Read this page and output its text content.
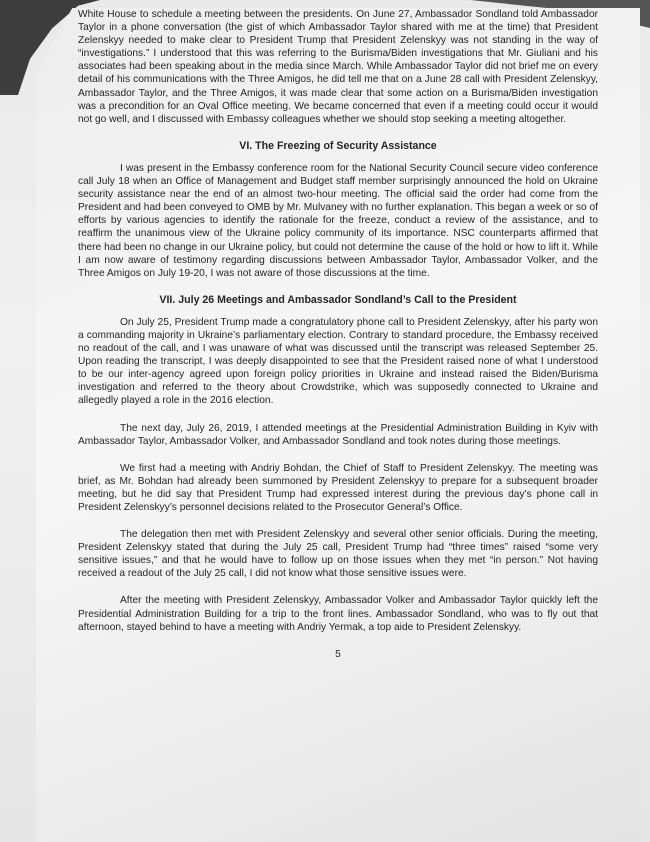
White House to schedule a meeting between the presidents. On June 27, Ambassador Sondland told Ambassador Taylor in a phone conversation (the gist of which Ambassador Taylor shared with me at the time) that President Zelenskyy needed to make clear to President Trump that President Zelenskyy was not standing in the way of “investigations.” I understood that this was referring to the Burisma/Biden investigations that Mr. Giuliani and his associates had been speaking about in the media since March. While Ambassador Taylor did not brief me on every detail of his communications with the Three Amigos, he did tell me that on a June 28 call with President Zelenskyy, Ambassador Taylor, and the Three Amigos, it was made clear that some action on a Burisma/Biden investigation was a precondition for an Oval Office meeting. We became concerned that even if a meeting could occur it would not go well, and I discussed with Embassy colleagues whether we should stop seeking a meeting altogether.

VI. The Freezing of Security Assistance

I was present in the Embassy conference room for the National Security Council secure video conference call July 18 when an Office of Management and Budget staff member surprisingly announced the hold on Ukraine security assistance near the end of an almost two-hour meeting. The official said the order had come from the President and had been conveyed to OMB by Mr. Mulvaney with no further explanation. This began a week or so of efforts by various agencies to identify the rationale for the freeze, conduct a review of the assistance, and to reaffirm the unanimous view of the Ukraine policy community of its importance. NSC counterparts affirmed that there had been no change in our Ukraine policy, but could not determine the cause of the hold or how to lift it. While I am now aware of testimony regarding discussions between Ambassador Taylor, Ambassador Volker, and the Three Amigos on July 19-20, I was not aware of those discussions at the time.

VII. July 26 Meetings and Ambassador Sondland’s Call to the President

On July 25, President Trump made a congratulatory phone call to President Zelenskyy, after his party won a commanding majority in Ukraine’s parliamentary election. Contrary to standard procedure, the Embassy received no readout of the call, and I was unaware of what was discussed until the transcript was released September 25. Upon reading the transcript, I was deeply disappointed to see that the President raised none of what I understood to be our inter-agency agreed upon foreign policy priorities in Ukraine and instead raised the Biden/Burisma investigation and referred to the theory about Crowdstrike, which was supposedly connected to Ukraine and allegedly played a role in the 2016 election.

The next day, July 26, 2019, I attended meetings at the Presidential Administration Building in Kyiv with Ambassador Taylor, Ambassador Volker, and Ambassador Sondland and took notes during those meetings.

We first had a meeting with Andriy Bohdan, the Chief of Staff to President Zelenskyy. The meeting was brief, as Mr. Bohdan had already been summoned by President Zelenskyy to prepare for a subsequent broader meeting, but he did say that President Trump had expressed interest during the previous day’s phone call in President Zelenskyy’s personnel decisions related to the Prosecutor General’s Office.

The delegation then met with President Zelenskyy and several other senior officials. During the meeting, President Zelenskyy stated that during the July 25 call, President Trump had “three times” raised “some very sensitive issues,” and that he would have to follow up on those issues when they met “in person.” Not having received a readout of the July 25 call, I did not know what those sensitive issues were.

After the meeting with President Zelenskyy, Ambassador Volker and Ambassador Taylor quickly left the Presidential Administration Building for a trip to the front lines. Ambassador Sondland, who was to fly out that afternoon, stayed behind to have a meeting with Andriy Yermak, a top aide to President Zelenskyy.

5
